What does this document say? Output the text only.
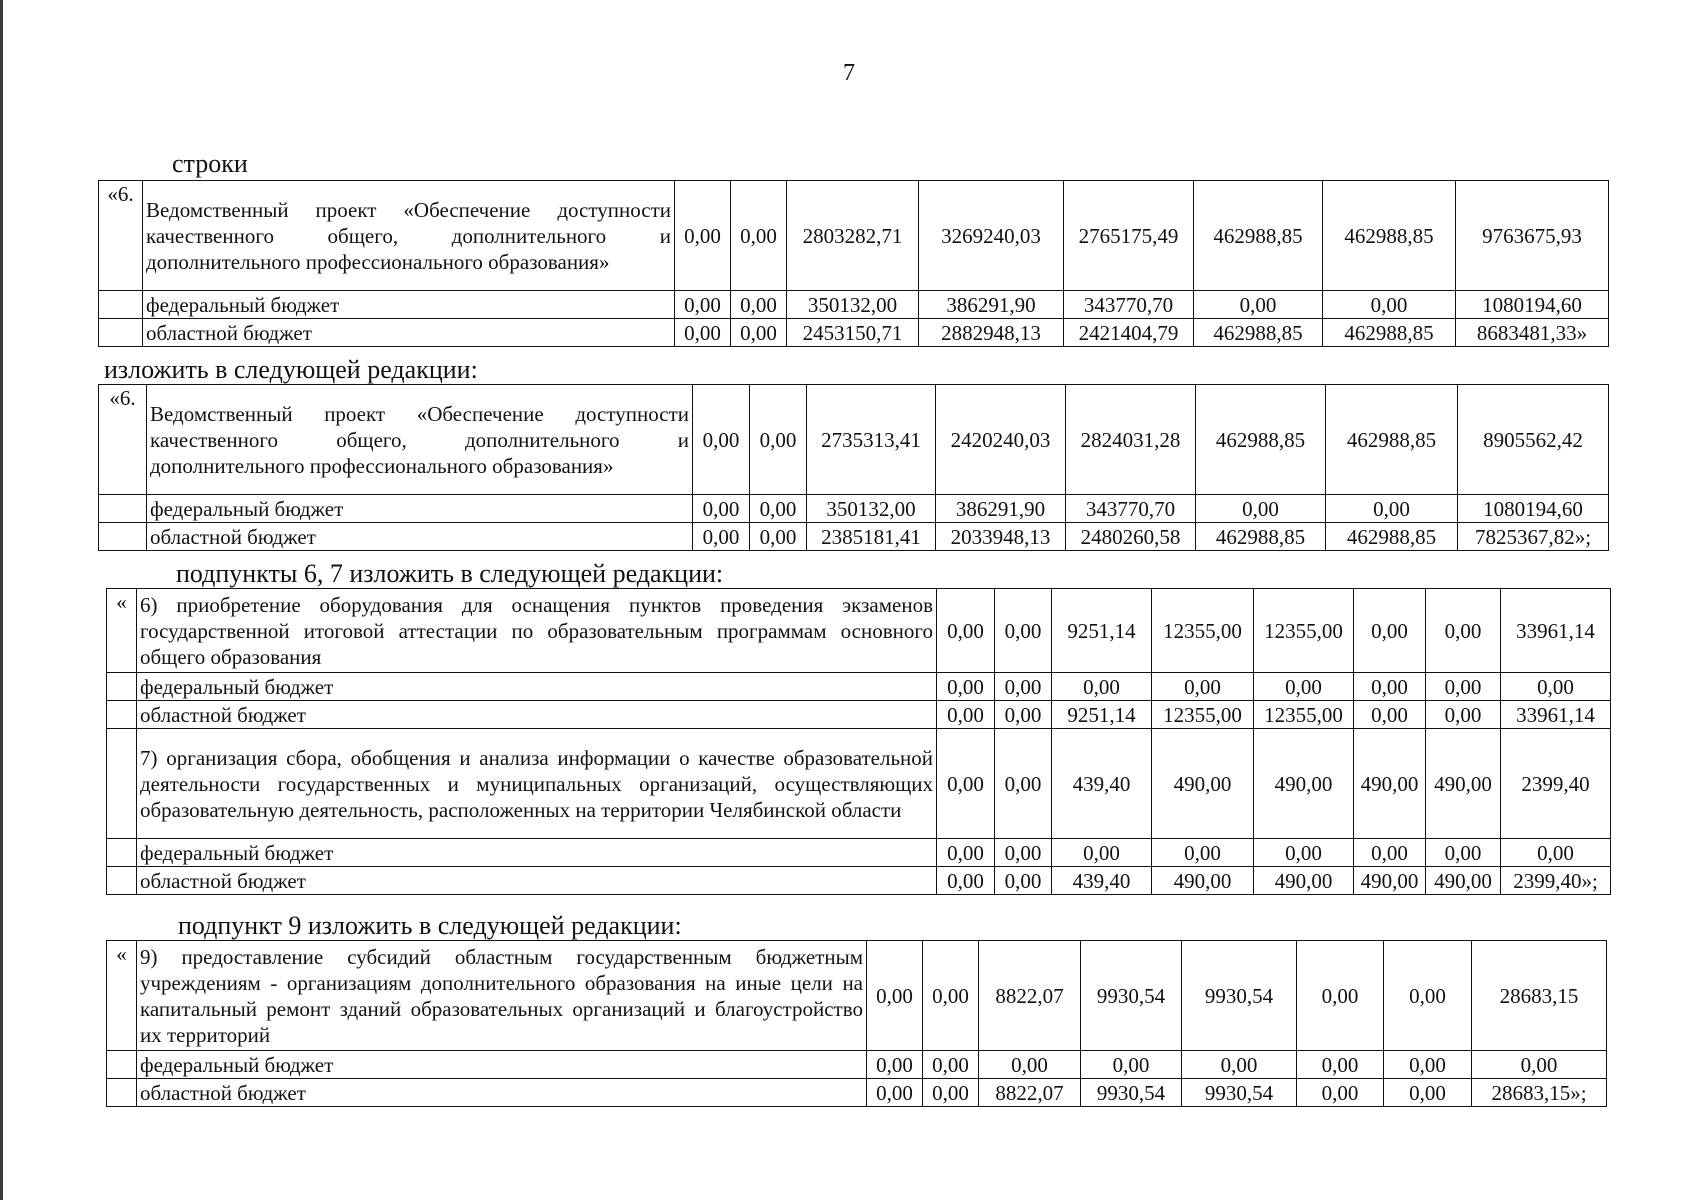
7
строки
«6.	Ведомственный проект «Обеспечение доступности качественного общего, дополнительного и дополнительного профессионального образования»	0,00	0,00	2803282,71	3269240,03	2765175,49	462988,85	462988,85	9763675,93
	федеральный бюджет	0,00	0,00	350132,00	386291,90	343770,70	0,00	0,00	1080194,60
	областной бюджет	0,00	0,00	2453150,71	2882948,13	2421404,79	462988,85	462988,85	8683481,33»
изложить в следующей редакции:
«6.	Ведомственный проект «Обеспечение доступности качественного общего, дополнительного и дополнительного профессионального образования»	0,00	0,00	2735313,41	2420240,03	2824031,28	462988,85	462988,85	8905562,42
	федеральный бюджет	0,00	0,00	350132,00	386291,90	343770,70	0,00	0,00	1080194,60
	областной бюджет	0,00	0,00	2385181,41	2033948,13	2480260,58	462988,85	462988,85	7825367,82»;
подпункты 6, 7 изложить в следующей редакции:
«	6) приобретение оборудования для оснащения пунктов проведения экзаменов государственной итоговой аттестации по образовательным программам основного общего образования	0,00	0,00	9251,14	12355,00	12355,00	0,00	0,00	33961,14
	федеральный бюджет	0,00	0,00	0,00	0,00	0,00	0,00	0,00	0,00
	областной бюджет	0,00	0,00	9251,14	12355,00	12355,00	0,00	0,00	33961,14
	7) организация сбора, обобщения и анализа информации о качестве образовательной деятельности государственных и муниципальных организаций, осуществляющих образовательную деятельность, расположенных на территории Челябинской области	0,00	0,00	439,40	490,00	490,00	490,00	490,00	2399,40
	федеральный бюджет	0,00	0,00	0,00	0,00	0,00	0,00	0,00	0,00
	областной бюджет	0,00	0,00	439,40	490,00	490,00	490,00	490,00	2399,40»;
подпункт 9 изложить в следующей редакции:
«	9) предоставление субсидий областным государственным бюджетным учреждениям - организациям дополнительного образования на иные цели на капитальный ремонт зданий образовательных организаций и благоустройство их территорий	0,00	0,00	8822,07	9930,54	9930,54	0,00	0,00	28683,15
	федеральный бюджет	0,00	0,00	0,00	0,00	0,00	0,00	0,00	0,00
	областной бюджет	0,00	0,00	8822,07	9930,54	9930,54	0,00	0,00	28683,15»;
